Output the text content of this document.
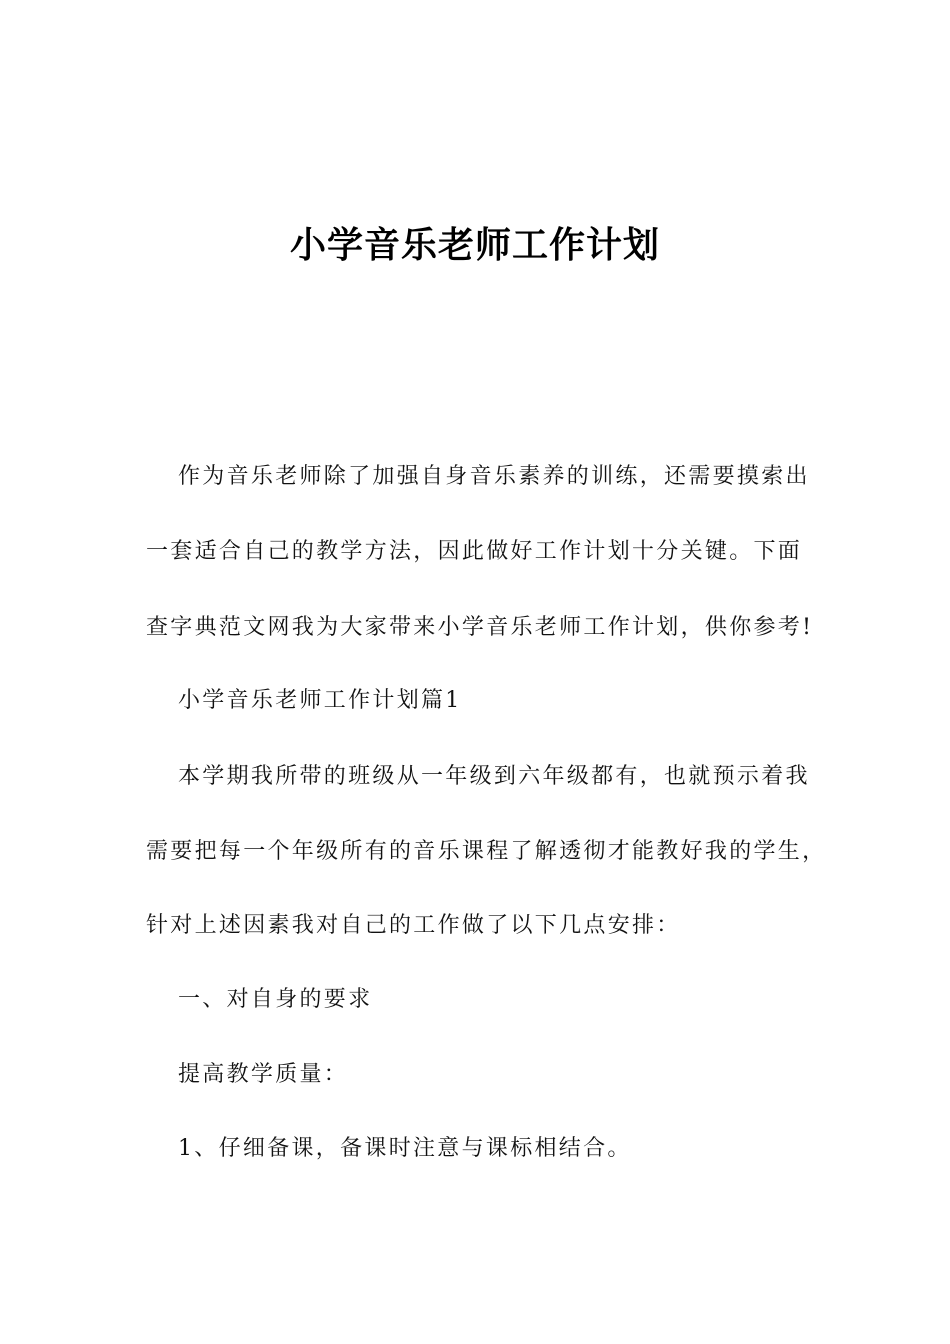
小学音乐老师工作计划
作为音乐老师除了加强自身音乐素养的训练，还需要摸索出
一套适合自己的教学方法，因此做好工作计划十分关键。下面
查字典范文网我为大家带来小学音乐老师工作计划，供你参考!
小学音乐老师工作计划篇1
本学期我所带的班级从一年级到六年级都有，也就预示着我
需要把每一个年级所有的音乐课程了解透彻才能教好我的学生，
针对上述因素我对自己的工作做了以下几点安排：
一、对自身的要求
提高教学质量：
1、仔细备课，备课时注意与课标相结合。
